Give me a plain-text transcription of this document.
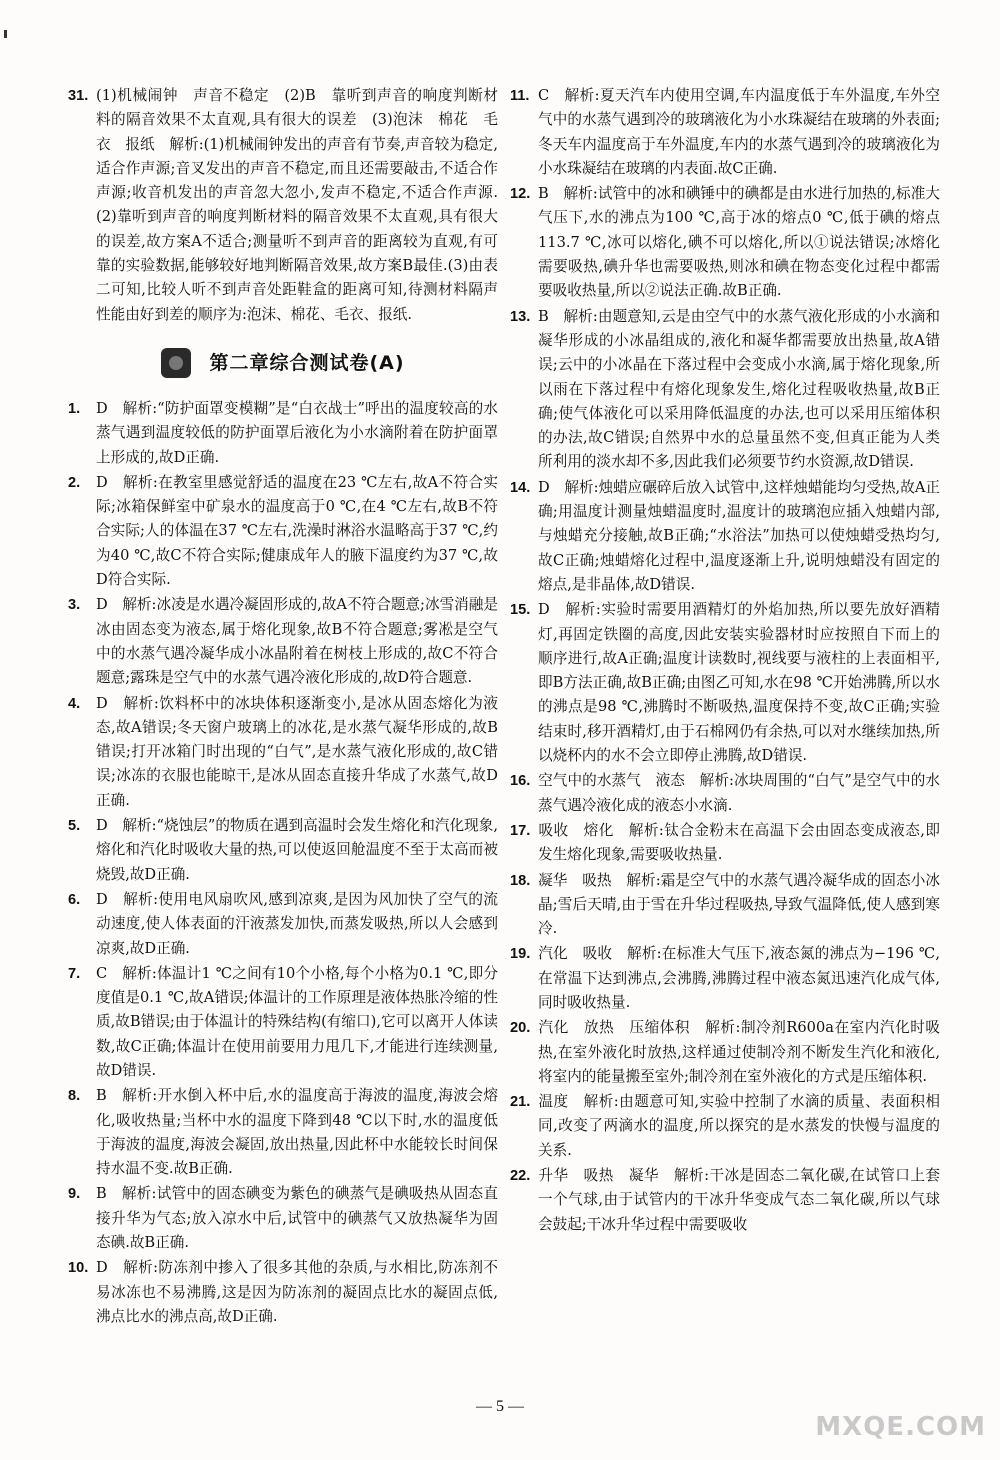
31. (1)机械闹钟　声音不稳定　(2)B　靠听到声音的响度判断材料的隔音效果不太直观,具有很大的误差　(3)泡沫　棉花　毛衣　报纸　解析:(1)机械闹钟发出的声音有节奏,声音较为稳定,适合作声源;音叉发出的声音不稳定,而且还需要敲击,不适合作声源;收音机发出的声音忽大忽小,发声不稳定,不适合作声源.(2)靠听到声音的响度判断材料的隔音效果不太直观,具有很大的误差,故方案A不适合;测量听不到声音的距离较为直观,有可靠的实验数据,能够较好地判断隔音效果,故方案B最佳.(3)由表二可知,比较人听不到声音处距鞋盒的距离可知,待测材料隔声性能由好到差的顺序为:泡沫、棉花、毛衣、报纸.

第二章综合测试卷(A)

1. D　解析:“防护面罩变模糊”是“白衣战士”呼出的温度较高的水蒸气遇到温度较低的防护面罩后液化为小水滴附着在防护面罩上形成的,故D正确.

2. D　解析:在教室里感觉舒适的温度在23 ℃左右,故A不符合实际;冰箱保鲜室中矿泉水的温度高于0 ℃,在4 ℃左右,故B不符合实际;人的体温在37 ℃左右,洗澡时淋浴水温略高于37 ℃,约为40 ℃,故C不符合实际;健康成年人的腋下温度约为37 ℃,故D符合实际.

3. D　解析:冰凌是水遇冷凝固形成的,故A不符合题意;冰雪消融是冰由固态变为液态,属于熔化现象,故B不符合题意;雾凇是空气中的水蒸气遇冷凝华成小冰晶附着在树枝上形成的,故C不符合题意;露珠是空气中的水蒸气遇冷液化形成的,故D符合题意.

4. D　解析:饮料杯中的冰块体积逐渐变小,是冰从固态熔化为液态,故A错误;冬天窗户玻璃上的冰花,是水蒸气凝华形成的,故B错误;打开冰箱门时出现的“白气”,是水蒸气液化形成的,故C错误;冰冻的衣服也能晾干,是冰从固态直接升华成了水蒸气,故D正确.

5. D　解析:“烧蚀层”的物质在遇到高温时会发生熔化和汽化现象,熔化和汽化时吸收大量的热,可以使返回舱温度不至于太高而被烧毁,故D正确.

6. D　解析:使用电风扇吹风,感到凉爽,是因为风加快了空气的流动速度,使人体表面的汗液蒸发加快,而蒸发吸热,所以人会感到凉爽,故D正确.

7. C　解析:体温计1 ℃之间有10个小格,每个小格为0.1 ℃,即分度值是0.1 ℃,故A错误;体温计的工作原理是液体热胀冷缩的性质,故B错误;由于体温计的特殊结构(有缩口),它可以离开人体读数,故C正确;体温计在使用前要用力甩几下,才能进行连续测量,故D错误.

8. B　解析:开水倒入杯中后,水的温度高于海波的温度,海波会熔化,吸收热量;当杯中水的温度下降到48 ℃以下时,水的温度低于海波的温度,海波会凝固,放出热量,因此杯中水能较长时间保持水温不变.故B正确.

9. B　解析:试管中的固态碘变为紫色的碘蒸气是碘吸热从固态直接升华为气态;放入凉水中后,试管中的碘蒸气又放热凝华为固态碘.故B正确.

10. D　解析:防冻剂中掺入了很多其他的杂质,与水相比,防冻剂不易冰冻也不易沸腾,这是因为防冻剂的凝固点比水的凝固点低,沸点比水的沸点高,故D正确.

11. C　解析:夏天汽车内使用空调,车内温度低于车外温度,车外空气中的水蒸气遇到冷的玻璃液化为小水珠凝结在玻璃的外表面;冬天车内温度高于车外温度,车内的水蒸气遇到冷的玻璃液化为小水珠凝结在玻璃的内表面.故C正确.

12. B　解析:试管中的冰和碘锤中的碘都是由水进行加热的,标准大气压下,水的沸点为100 ℃,高于冰的熔点0 ℃,低于碘的熔点113.7 ℃,冰可以熔化,碘不可以熔化,所以①说法错误;冰熔化需要吸热,碘升华也需要吸热,则冰和碘在物态变化过程中都需要吸收热量,所以②说法正确.故B正确.

13. B　解析:由题意知,云是由空气中的水蒸气液化形成的小水滴和凝华形成的小冰晶组成的,液化和凝华都需要放出热量,故A错误;云中的小冰晶在下落过程中会变成小水滴,属于熔化现象,所以雨在下落过程中有熔化现象发生,熔化过程吸收热量,故B正确;使气体液化可以采用降低温度的办法,也可以采用压缩体积的办法,故C错误;自然界中水的总量虽然不变,但真正能为人类所利用的淡水却不多,因此我们必须要节约水资源,故D错误.

14. D　解析:烛蜡应碾碎后放入试管中,这样烛蜡能均匀受热,故A正确;用温度计测量烛蜡温度时,温度计的玻璃泡应插入烛蜡内部,与烛蜡充分接触,故B正确;“水浴法”加热可以使烛蜡受热均匀,故C正确;烛蜡熔化过程中,温度逐渐上升,说明烛蜡没有固定的熔点,是非晶体,故D错误.

15. D　解析:实验时需要用酒精灯的外焰加热,所以要先放好酒精灯,再固定铁圈的高度,因此安装实验器材时应按照自下而上的顺序进行,故A正确;温度计读数时,视线要与液柱的上表面相平,即B方法正确,故B正确;由图乙可知,水在98 ℃开始沸腾,所以水的沸点是98 ℃,沸腾时不断吸热,温度保持不变,故C正确;实验结束时,移开酒精灯,由于石棉网仍有余热,可以对水继续加热,所以烧杯内的水不会立即停止沸腾,故D错误.

16. 空气中的水蒸气　液态　解析:冰块周围的“白气”是空气中的水蒸气遇冷液化成的液态小水滴.

17. 吸收　熔化　解析:钛合金粉末在高温下会由固态变成液态,即发生熔化现象,需要吸收热量.

18. 凝华　吸热　解析:霜是空气中的水蒸气遇冷凝华成的固态小冰晶;雪后天晴,由于雪在升华过程吸热,导致气温降低,使人感到寒冷.

19. 汽化　吸收　解析:在标准大气压下,液态氮的沸点为−196 ℃,在常温下达到沸点,会沸腾,沸腾过程中液态氮迅速汽化成气体,同时吸收热量.

20. 汽化　放热　压缩体积　解析:制冷剂R600a在室内汽化时吸热,在室外液化时放热,这样通过使制冷剂不断发生汽化和液化,将室内的能量搬至室外;制冷剂在室外液化的方式是压缩体积.

21. 温度　解析:由题意可知,实验中控制了水滴的质量、表面积相同,改变了两滴水的温度,所以探究的是水蒸发的快慢与温度的关系.

22. 升华　吸热　凝华　解析:干冰是固态二氧化碳,在试管口上套一个气球,由于试管内的干冰升华变成气态二氧化碳,所以气球会鼓起;干冰升华过程中需要吸收

— 5 —
MXQE.COM
